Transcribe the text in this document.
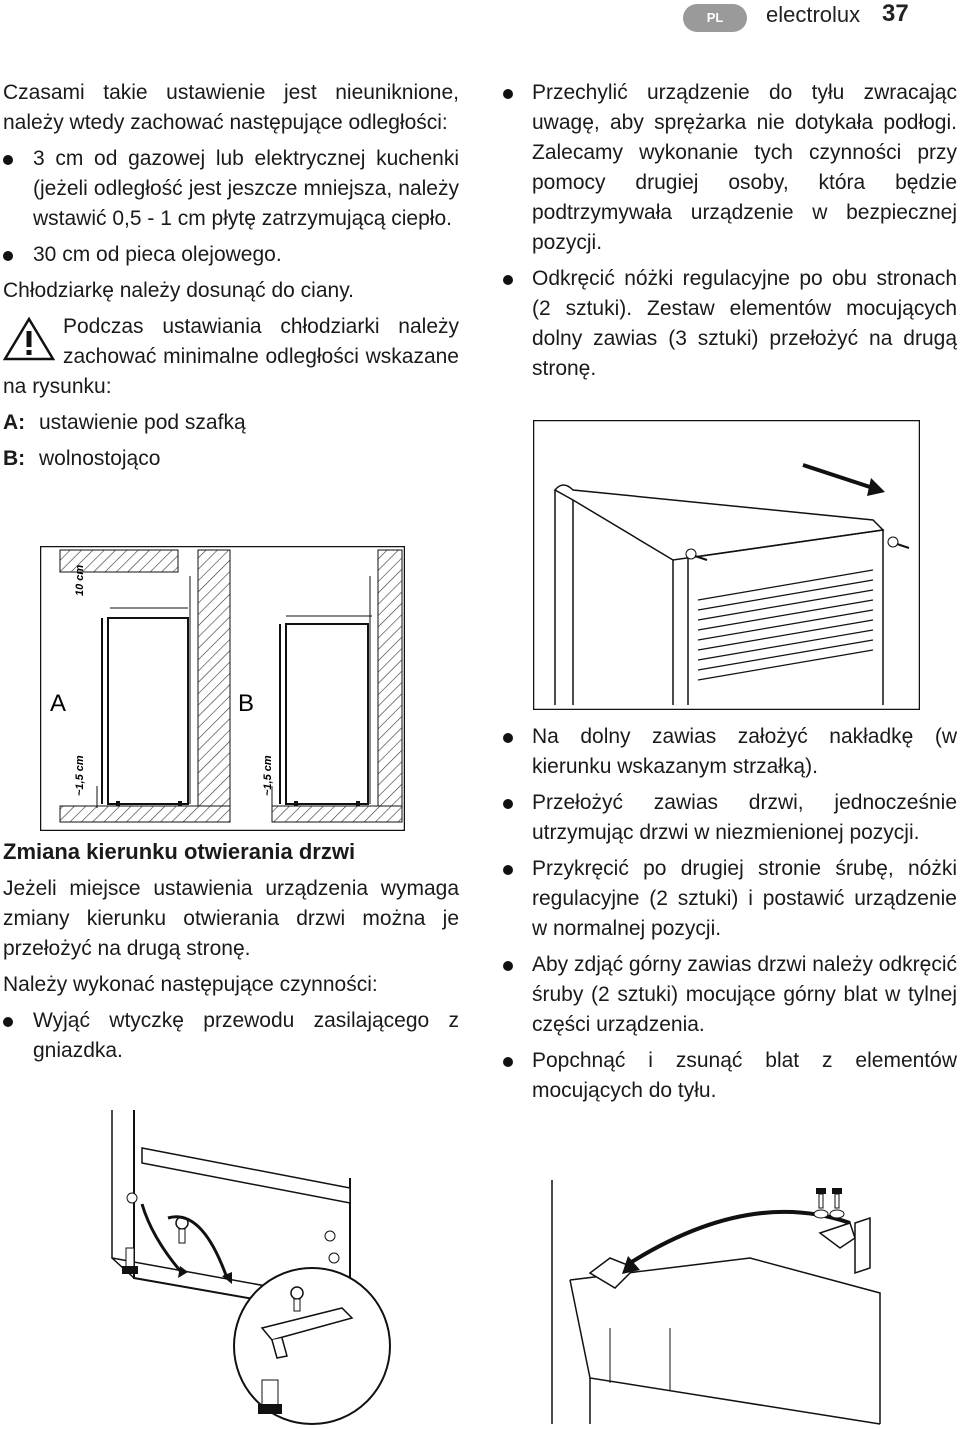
PL	electrolux 37

Czasami takie ustawienie jest nieuniknione, należy wtedy zachować następujące odległości:

3 cm od gazowej lub elektrycznej kuchenki (jeżeli odległość jest jeszcze mniejsza, należy wstawić 0,5 - 1 cm płytę zatrzymującą ciepło.
30 cm od pieca olejowego.

Chłodziarkę należy dosunąć do ciany.

Podczas ustawiania chłodziarki należy zachować minimalne odległości wskazane na rysunku:

A: ustawienie pod szafką
B: wolnostojąco
A	B
10 cm
~1,5 cm	~1,5 cm
Zmiana kierunku otwierania drzwi

Jeżeli miejsce ustawienia urządzenia wymaga zmiany kierunku otwierania drzwi można je przełożyć na drugą stronę.

Należy wykonać następujące czynności:

Wyjąć wtyczkę przewodu zasilającego z gniazdka.
Przechylić urządzenie do tyłu zwracając uwagę, aby sprężarka nie dotykała podłogi. Zalecamy wykonanie tych czynności przy pomocy drugiej osoby, która będzie podtrzymywała urządzenie w bezpiecznej pozycji.
Odkręcić nóżki regulacyjne po obu stronach (2 sztuki). Zestaw elementów mocujących dolny zawias (3 sztuki) przełożyć na drugą stronę.
Na dolny zawias założyć nakładkę (w kierunku wskazanym strzałką).
Przełożyć zawias drzwi, jednocześnie utrzymując drzwi w niezmienionej pozycji.
Przykręcić po drugiej stronie śrubę, nóżki regulacyjne (2 sztuki) i postawić urządzenie w normalnej pozycji.
Aby zdjąć górny zawias drzwi należy odkręcić śruby (2 sztuki) mocujące górny blat w tylnej części urządzenia.
Popchnąć i zsunąć blat z elementów mocujących do tyłu.
